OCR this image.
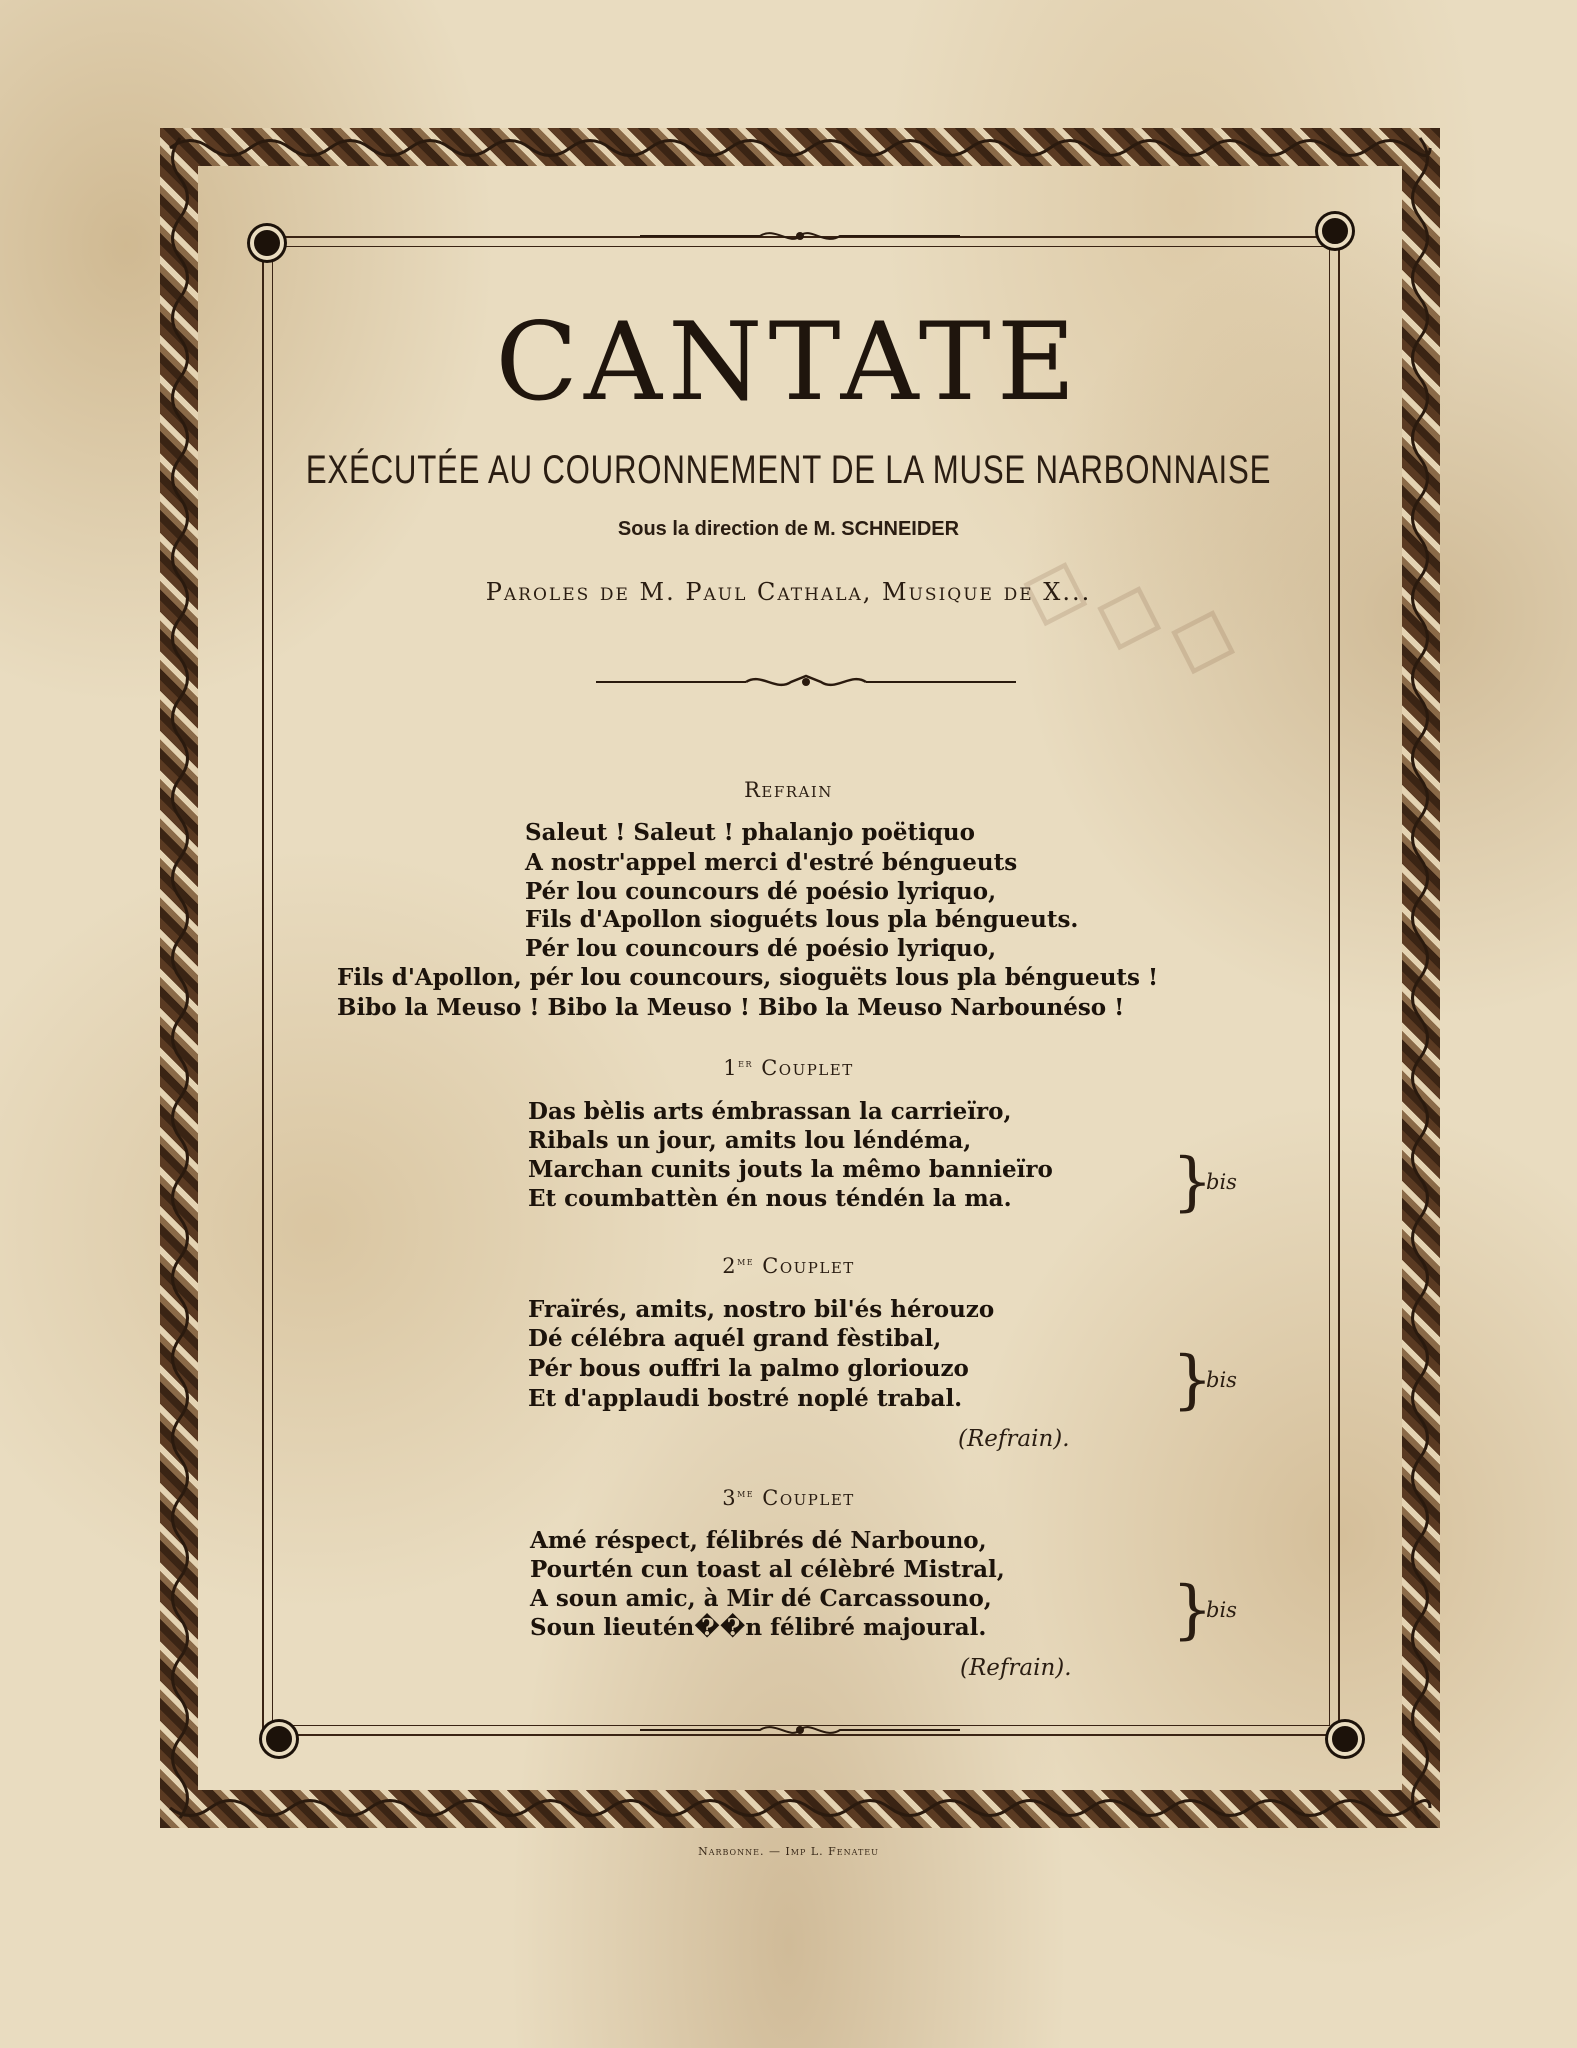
◇◇◇
CANTATE
EXÉCUTÉE AU COURONNEMENT DE LA MUSE NARBONNAISE
Sous la direction de M. SCHNEIDER
Paroles de M. Paul Cathala, Musique de X...
Refrain
Saleut ! Saleut ! phalanjo poëtiquo
A nostr'appel merci d'estré béngueuts
Pér lou councours dé poésio lyriquo,
Fils d'Apollon sioguéts lous pla béngueuts.
Pér lou councours dé poésio lyriquo,
Fils d'Apollon, pér lou councours, sioguëts lous pla béngueuts !
Bibo la Meuso ! Bibo la Meuso ! Bibo la Meuso Narbounéso !
1er Couplet
Das bèlis arts émbrassan la carrieïro,
Ribals un jour, amits lou léndéma,
Marchan cunits jouts la mêmo bannieïro
Et coumbattèn én nous téndén la ma.	}
bis
$2^{me}$ Couplet
Fraïrés, amits, nostro bil'és hérouzo
Dé célébra aquél grand fèstibal,
Pér bous ouffri la palmo gloriouzo
Et d'applaudi bostré noplé trabal.	}
bis
(Refrain).
$3^{me}$ Couplet
Amé réspect, félibrés dé Narbouno,
Pourtén cun toast al célèbré Mistral,
A soun amic, à Mir dé Carcassouno,
Soun lieutén��n félibré majoural.	}
bis
(Refrain).
Narbonne. — Imp L. Fenateu
